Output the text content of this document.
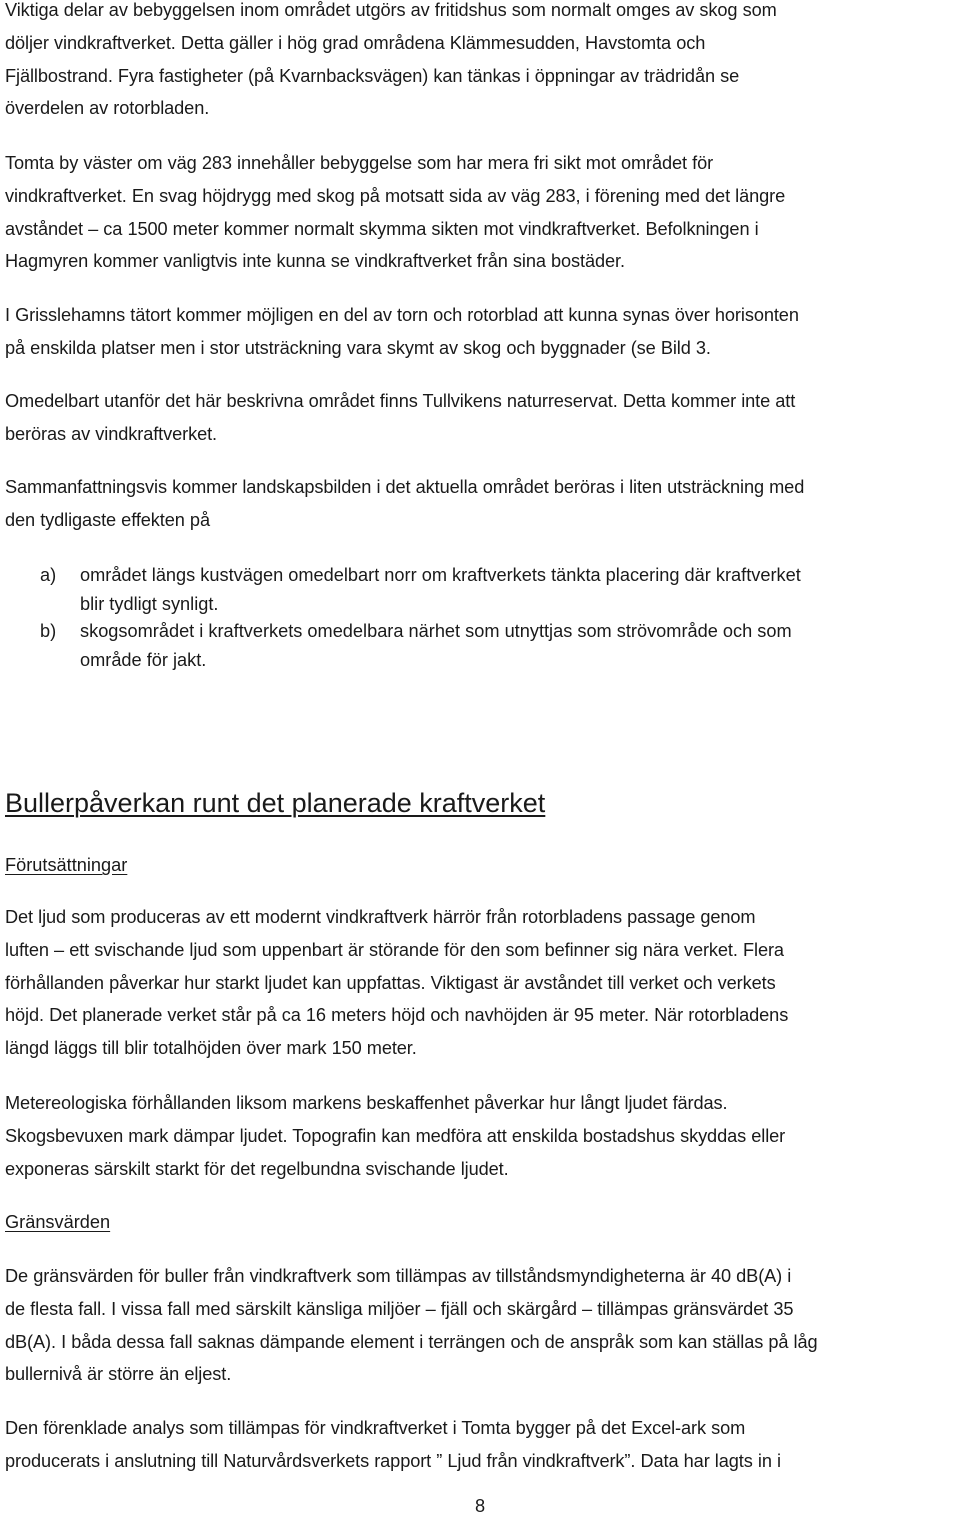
Viktiga delar av bebyggelsen inom området utgörs av fritidshus som normalt omges av skog som
döljer vindkraftverket. Detta gäller i hög grad områdena Klämmesudden, Havstomta och
Fjällbostrand. Fyra fastigheter (på Kvarnbacksvägen) kan tänkas i öppningar av trädridån se
överdelen av rotorbladen.

Tomta by väster om väg 283 innehåller bebyggelse som har mera fri sikt mot området för
vindkraftverket. En svag höjdrygg med skog på motsatt sida av väg 283, i förening med det längre
avståndet – ca 1500 meter kommer normalt skymma sikten mot vindkraftverket. Befolkningen i
Hagmyren kommer vanligtvis inte kunna se vindkraftverket från sina bostäder.

I Grisslehamns tätort kommer möjligen en del av torn och rotorblad att kunna synas över horisonten
på enskilda platser men i stor utsträckning vara skymt av skog och byggnader (se Bild 3.

Omedelbart utanför det här beskrivna området finns Tullvikens naturreservat. Detta kommer inte att
beröras av vindkraftverket.

Sammanfattningsvis kommer landskapsbilden i det aktuella området beröras i liten utsträckning med
den tydligaste effekten på

a) området längs kustvägen omedelbart norr om kraftverkets tänkta placering där kraftverket
blir tydligt synligt.
b) skogsområdet i kraftverkets omedelbara närhet som utnyttjas som strövområde och som
område för jakt.
Bullerpåverkan runt det planerade kraftverket
Förutsättningar

Det ljud som produceras av ett modernt vindkraftverk härrör från rotorbladens passage genom
luften – ett svischande ljud som uppenbart är störande för den som befinner sig nära verket. Flera
förhållanden påverkar hur starkt ljudet kan uppfattas. Viktigast är avståndet till verket och verkets
höjd. Det planerade verket står på ca 16 meters höjd och navhöjden är 95 meter. När rotorbladens
längd läggs till blir totalhöjden över mark 150 meter.

Metereologiska förhållanden liksom markens beskaffenhet påverkar hur långt ljudet färdas.
Skogsbevuxen mark dämpar ljudet. Topografin kan medföra att enskilda bostadshus skyddas eller
exponeras särskilt starkt för det regelbundna svischande ljudet.

Gränsvärden

De gränsvärden för buller från vindkraftverk som tillämpas av tillståndsmyndigheterna är 40 dB(A) i
de flesta fall. I vissa fall med särskilt känsliga miljöer – fjäll och skärgård – tillämpas gränsvärdet 35
dB(A). I båda dessa fall saknas dämpande element i terrängen och de anspråk som kan ställas på låg
bullernivå är större än eljest.

Den förenklade analys som tillämpas för vindkraftverket i Tomta bygger på det Excel-ark som
producerats i anslutning till Naturvårdsverkets rapport ” Ljud från vindkraftverk”. Data har lagts in i

8
